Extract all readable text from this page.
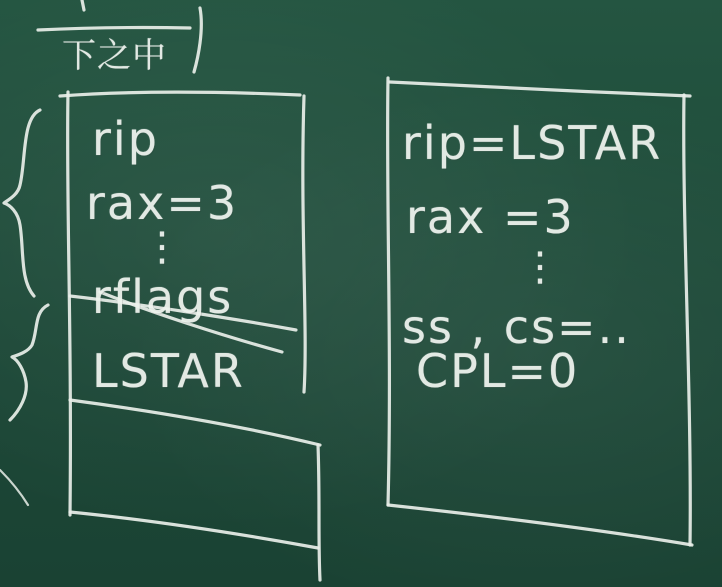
下之中
rip
rax=3
⋮
rflags
LSTAR
rip=LSTAR
rax =3
⋮
ss , cs=..
CPL=0
